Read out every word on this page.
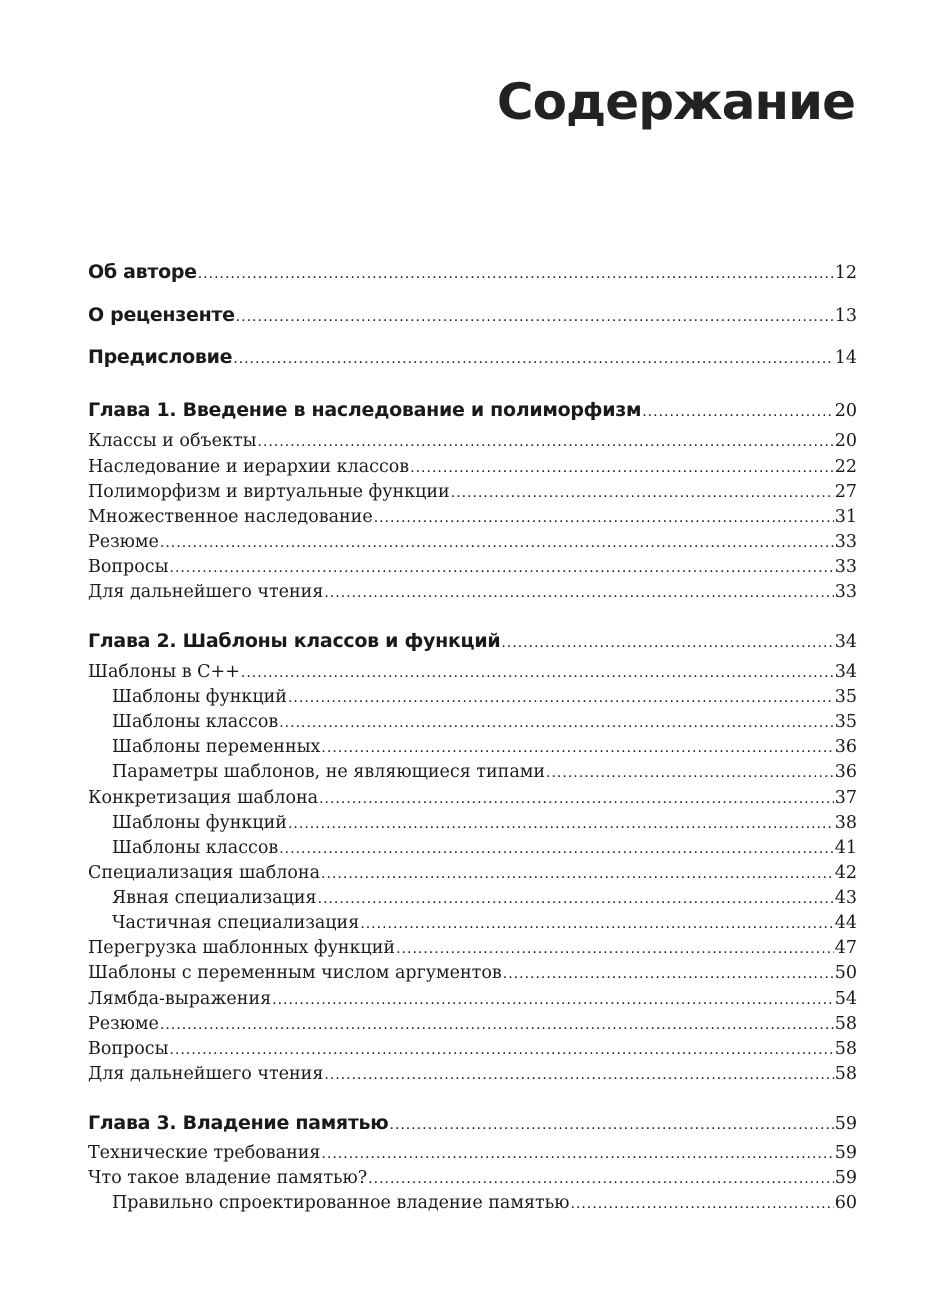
Содержание
Об авторе .....	12
О рецензенте .....	13
Предисловие .....	14
Глава 1. Введение в наследование и полиморфизм .....	20
Классы и объекты .....	20
Наследование и иерархии классов .....	22
Полиморфизм и виртуальные функции .....	27
Множественное наследование .....	31
Резюме .....	33
Вопросы .....	33
Для дальнейшего чтения .....	33
Глава 2. Шаблоны классов и функций .....	34
Шаблоны в С++ .....	34
Шаблоны функций .....	35
Шаблоны классов .....	35
Шаблоны переменных .....	36
Параметры шаблонов, не являющиеся типами .....	36
Конкретизация шаблона .....	37
Шаблоны функций .....	38
Шаблоны классов .....	41
Специализация шаблона .....	42
Явная специализация .....	43
Частичная специализация .....	44
Перегрузка шаблонных функций .....	47
Шаблоны с переменным числом аргументов .....	50
Лямбда-выражения .....	54
Резюме .....	58
Вопросы .....	58
Для дальнейшего чтения .....	58
Глава 3. Владение памятью .....	59
Технические требования .....	59
Что такое владение памятью? .....	59
Правильно спроектированное владение памятью .....	60
